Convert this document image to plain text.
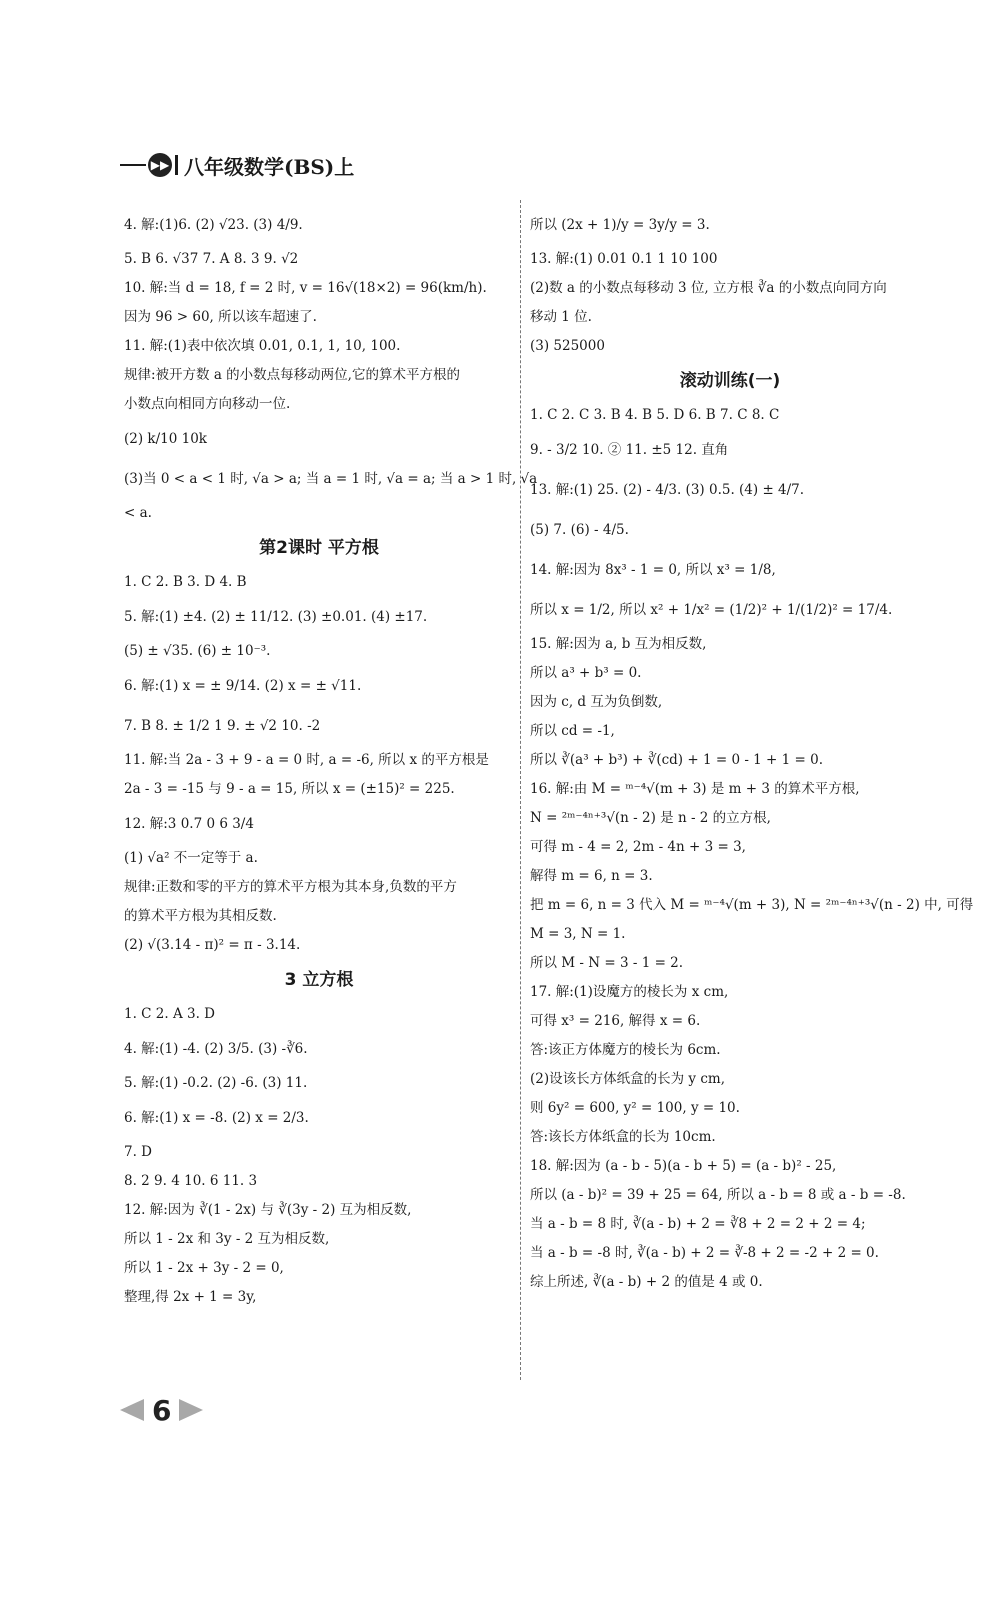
▶▶ 八年级数学(BS)上
4. 解:(1)6. (2) √23. (3) 4/9.
5. B 6. √37 7. A 8. 3 9. √2
10. 解:当 d = 18, f = 2 时, v = 16√(18×2) = 96(km/h).
因为 96 > 60, 所以该车超速了.
11. 解:(1)表中依次填 0.01, 0.1, 1, 10, 100.
规律:被开方数 a 的小数点每移动两位,它的算术平方根的
小数点向相同方向移动一位.
(2) k/10 10k
(3)当 0 < a < 1 时, √a > a; 当 a = 1 时, √a = a; 当 a > 1 时, √a
< a.
第2课时 平方根
1. C 2. B 3. D 4. B
5. 解:(1) ±4. (2) ± 11/12. (3) ±0.01. (4) ±17.
(5) ± √35. (6) ± 10⁻³.
6. 解:(1) x = ± 9/14. (2) x = ± √11.
7. B 8. ± 1/2 1 9. ± √2 10. -2
11. 解:当 2a - 3 + 9 - a = 0 时, a = -6, 所以 x 的平方根是
2a - 3 = -15 与 9 - a = 15, 所以 x = (±15)² = 225.
12. 解:3 0.7 0 6 3/4
(1) √a² 不一定等于 a.
规律:正数和零的平方的算术平方根为其本身,负数的平方
的算术平方根为其相反数.
(2) √(3.14 - π)² = π - 3.14.
3 立方根
1. C 2. A 3. D
4. 解:(1) -4. (2) 3/5. (3) -∛6.
5. 解:(1) -0.2. (2) -6. (3) 11.
6. 解:(1) x = -8. (2) x = 2/3.
7. D
8. 2 9. 4 10. 6 11. 3
12. 解:因为 ∛(1 - 2x) 与 ∛(3y - 2) 互为相反数,
所以 1 - 2x 和 3y - 2 互为相反数,
所以 1 - 2x + 3y - 2 = 0,
整理,得 2x + 1 = 3y,
所以 (2x + 1)/y = 3y/y = 3.
13. 解:(1) 0.01 0.1 1 10 100
(2)数 a 的小数点每移动 3 位, 立方根 ∛a 的小数点向同方向
移动 1 位.
(3) 525000
滚动训练(一)
1. C 2. C 3. B 4. B 5. D 6. B 7. C 8. C
9. - 3/2 10. ② 11. ±5 12. 直角
13. 解:(1) 25. (2) - 4/3. (3) 0.5. (4) ± 4/7.
(5) 7. (6) - 4/5.
14. 解:因为 8x³ - 1 = 0, 所以 x³ = 1/8,
所以 x = 1/2, 所以 x² + 1/x² = (1/2)² + 1/(1/2)² = 17/4.
15. 解:因为 a, b 互为相反数,
所以 a³ + b³ = 0.
因为 c, d 互为负倒数,
所以 cd = -1,
所以 ∛(a³ + b³) + ∛(cd) + 1 = 0 - 1 + 1 = 0.
16. 解:由 M = ᵐ⁻⁴√(m + 3) 是 m + 3 的算术平方根,
N = ²ᵐ⁻⁴ⁿ⁺³√(n - 2) 是 n - 2 的立方根,
可得 m - 4 = 2, 2m - 4n + 3 = 3,
解得 m = 6, n = 3.
把 m = 6, n = 3 代入 M = ᵐ⁻⁴√(m + 3), N = ²ᵐ⁻⁴ⁿ⁺³√(n - 2) 中, 可得
M = 3, N = 1.
所以 M - N = 3 - 1 = 2.
17. 解:(1)设魔方的棱长为 x cm,
可得 x³ = 216, 解得 x = 6.
答:该正方体魔方的棱长为 6cm.
(2)设该长方体纸盒的长为 y cm,
则 6y² = 600, y² = 100, y = 10.
答:该长方体纸盒的长为 10cm.
18. 解:因为 (a - b - 5)(a - b + 5) = (a - b)² - 25,
所以 (a - b)² = 39 + 25 = 64, 所以 a - b = 8 或 a - b = -8.
当 a - b = 8 时, ∛(a - b) + 2 = ∛8 + 2 = 2 + 2 = 4;
当 a - b = -8 时, ∛(a - b) + 2 = ∛-8 + 2 = -2 + 2 = 0.
综上所述, ∛(a - b) + 2 的值是 4 或 0.
6
